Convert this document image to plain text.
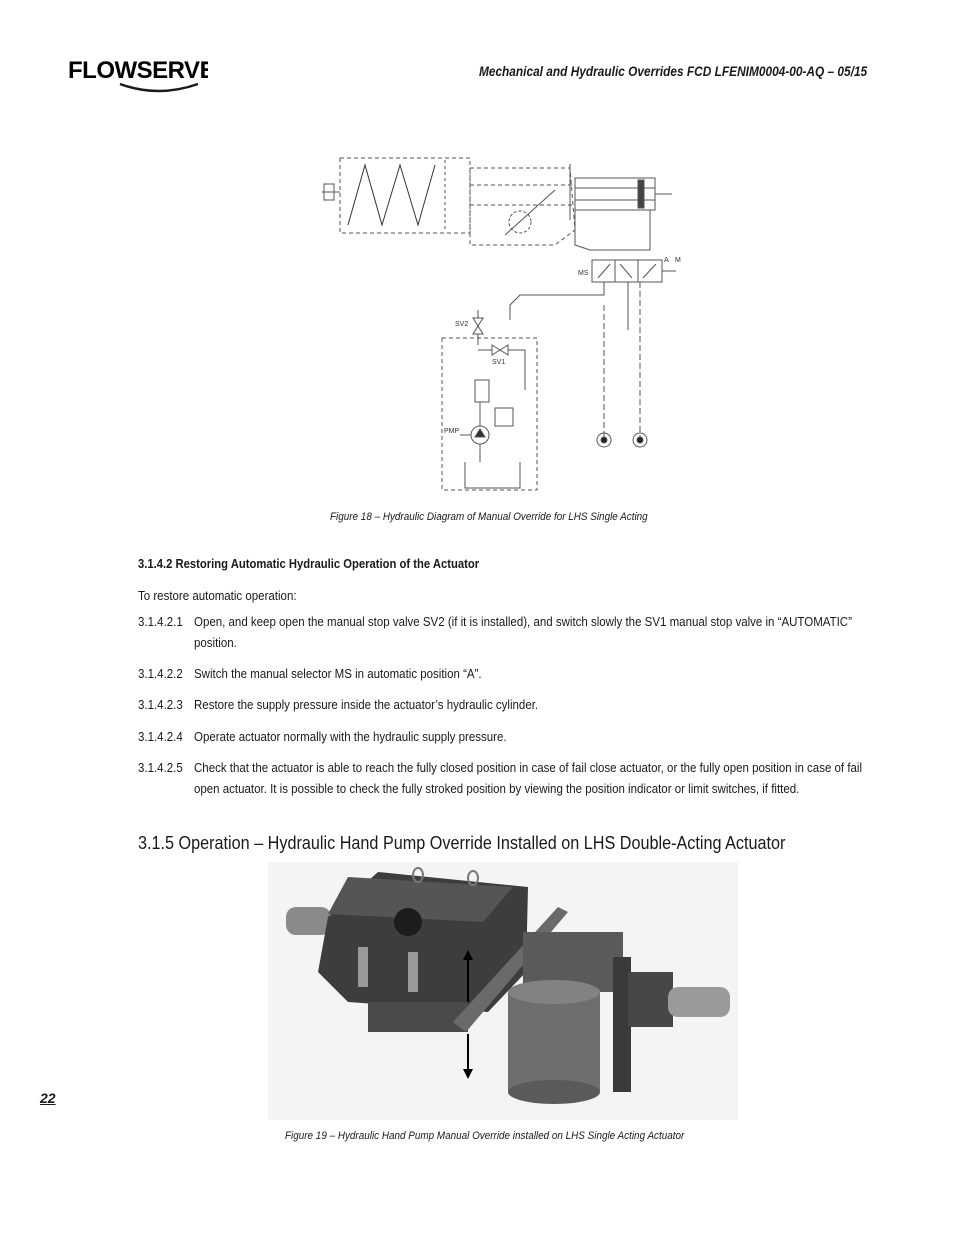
FLOWSERVE	Mechanical and Hydraulic Overrides FCD LFENIM0004-00-AQ – 05/15
SV2
SV1
MS
A M
PMP
Figure 18 – Hydraulic Diagram of Manual Override for LHS Single Acting
3.1.4.2 Restoring Automatic Hydraulic Operation of the Actuator
To restore automatic operation:
3.1.4.2.1 Open, and keep open the manual stop valve SV2 (if it is installed), and switch slowly the SV1 manual stop valve in “AUTOMATIC” position.
3.1.4.2.2 Switch the manual selector MS in automatic position “A”.
3.1.4.2.3 Restore the supply pressure inside the actuator’s hydraulic cylinder.
3.1.4.2.4 Operate actuator normally with the hydraulic supply pressure.
3.1.4.2.5 Check that the actuator is able to reach the fully closed position in case of fail close actuator, or the fully open position in case of fail open actuator. It is possible to check the fully stroked position by viewing the position indicator or limit switches, if fitted.
3.1.5 Operation – Hydraulic Hand Pump Override Installed on LHS Double-Acting Actuator
Figure 19 – Hydraulic Hand Pump Manual Override installed on LHS Single Acting Actuator
22
